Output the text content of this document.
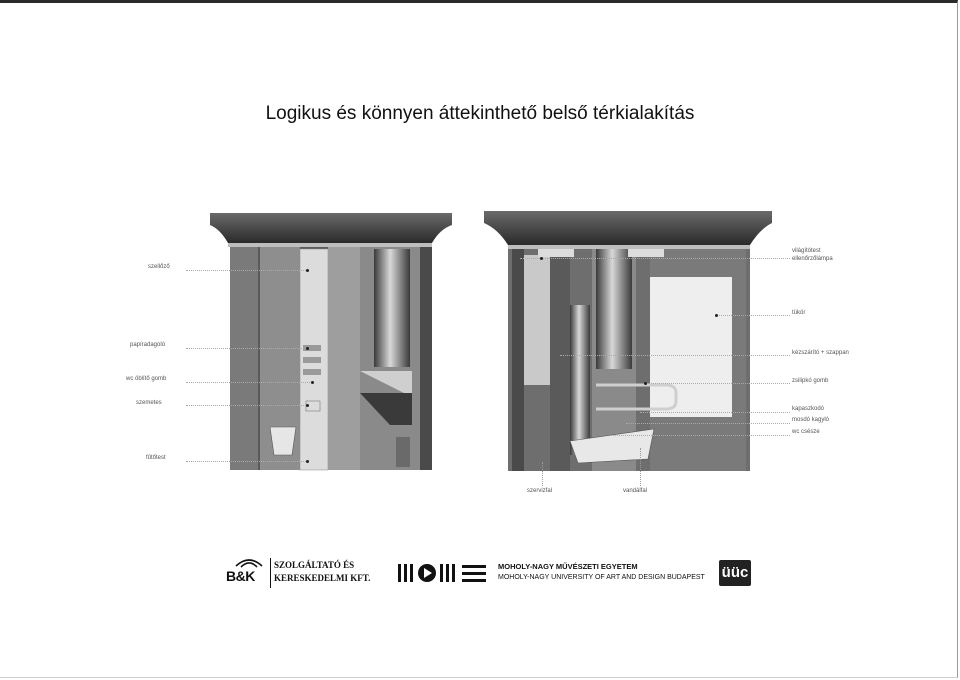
Logikus és könnyen áttekinthető belső térkialakítás
szellőző
papíradagoló
wc öblítő gomb
szemetes
fűtőtest
világítótest
ellenőrzőlámpa
tükör
kézszárító + szappan
zsilipkó gomb
kapaszkodó
mosdó kagyló
wc csésze
szervizfal	vandálfal
B&K
SZOLGÁLTATÓ ÉS
KERESKEDELMI KFT.
MOHOLY-NAGY MŰVÉSZETI EGYETEM
MOHOLY-NAGY UNIVERSITY OF ART AND DESIGN BUDAPEST üüc
